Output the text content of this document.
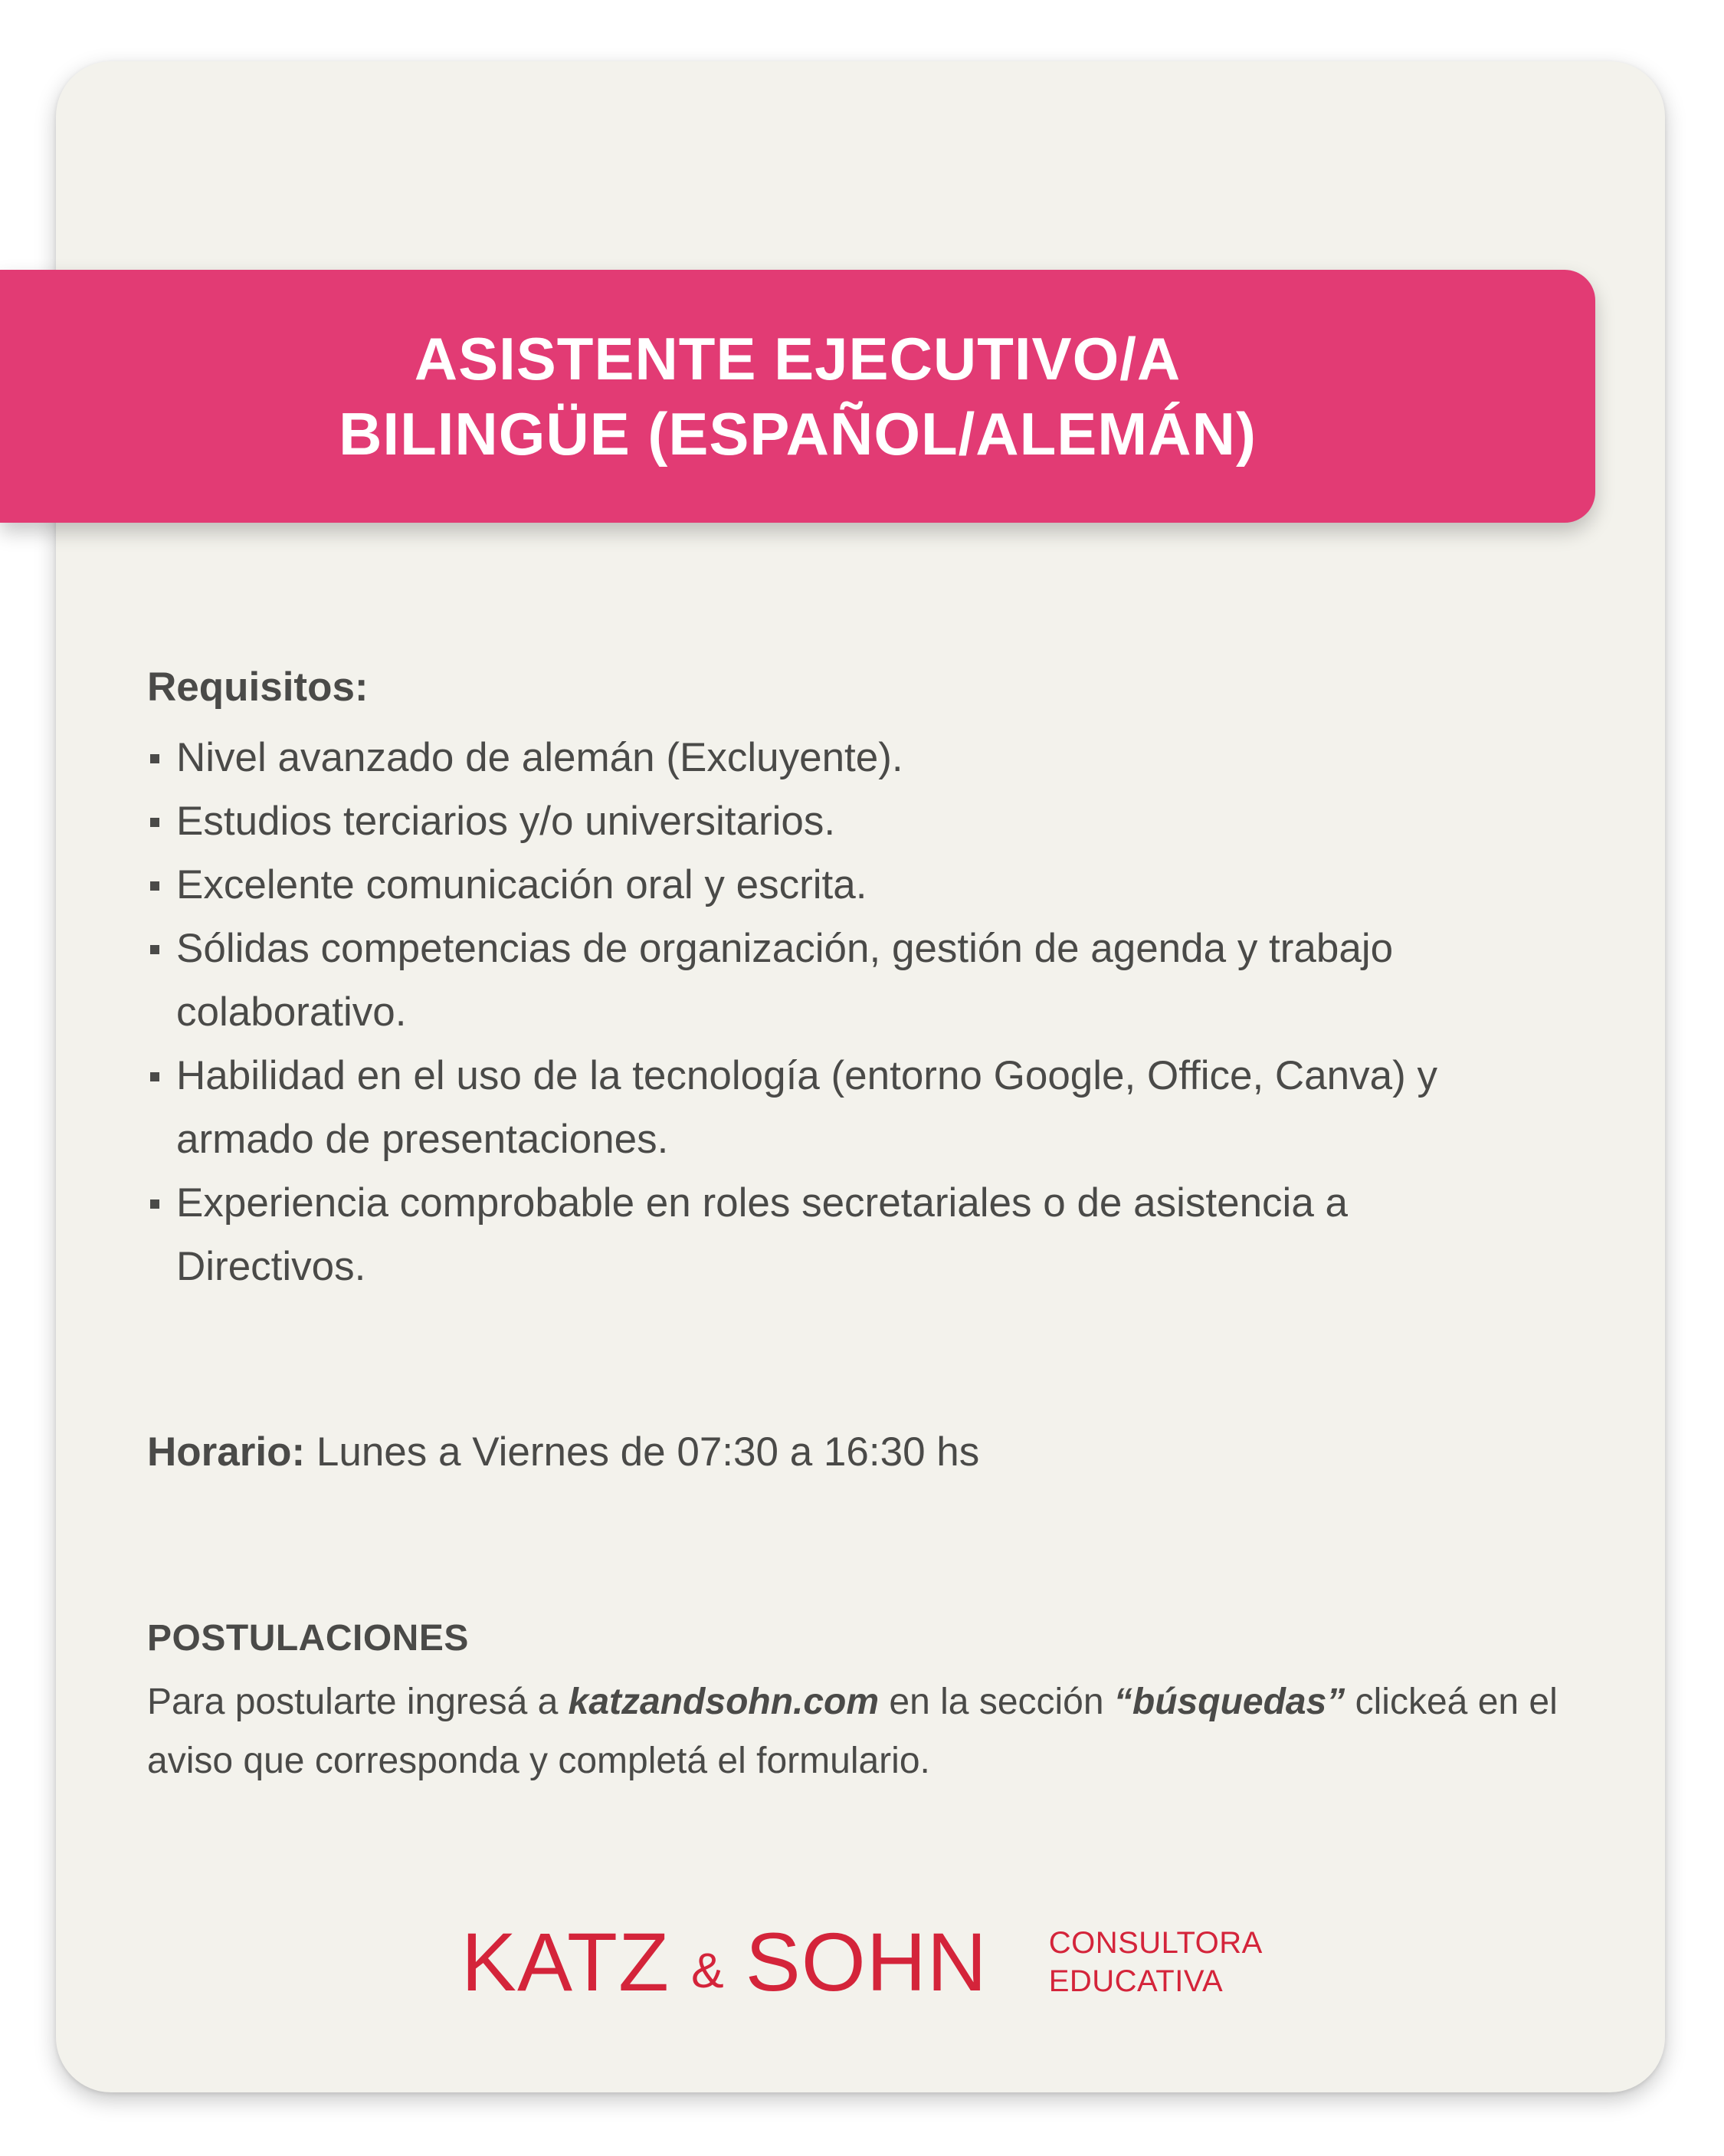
ASISTENTE EJECUTIVO/A
BILINGÜE (ESPAÑOL/ALEMÁN)
Requisitos:
Nivel avanzado de alemán (Excluyente).
Estudios terciarios y/o universitarios.
Excelente comunicación oral y escrita.
Sólidas competencias de organización, gestión de agenda y trabajo colaborativo.
Habilidad en el uso de la tecnología (entorno Google, Office, Canva) y armado de presentaciones.
Experiencia comprobable en roles secretariales o de asistencia a Directivos.

Horario: Lunes a Viernes de 07:30 a 16:30 hs

POSTULACIONES

Para postularte ingresá a katzandsohn.com en la sección “búsquedas” clickeá en el aviso que corresponda y completá el formulario.

KATZ & SOHN CONSULTORA
EDUCATIVA
